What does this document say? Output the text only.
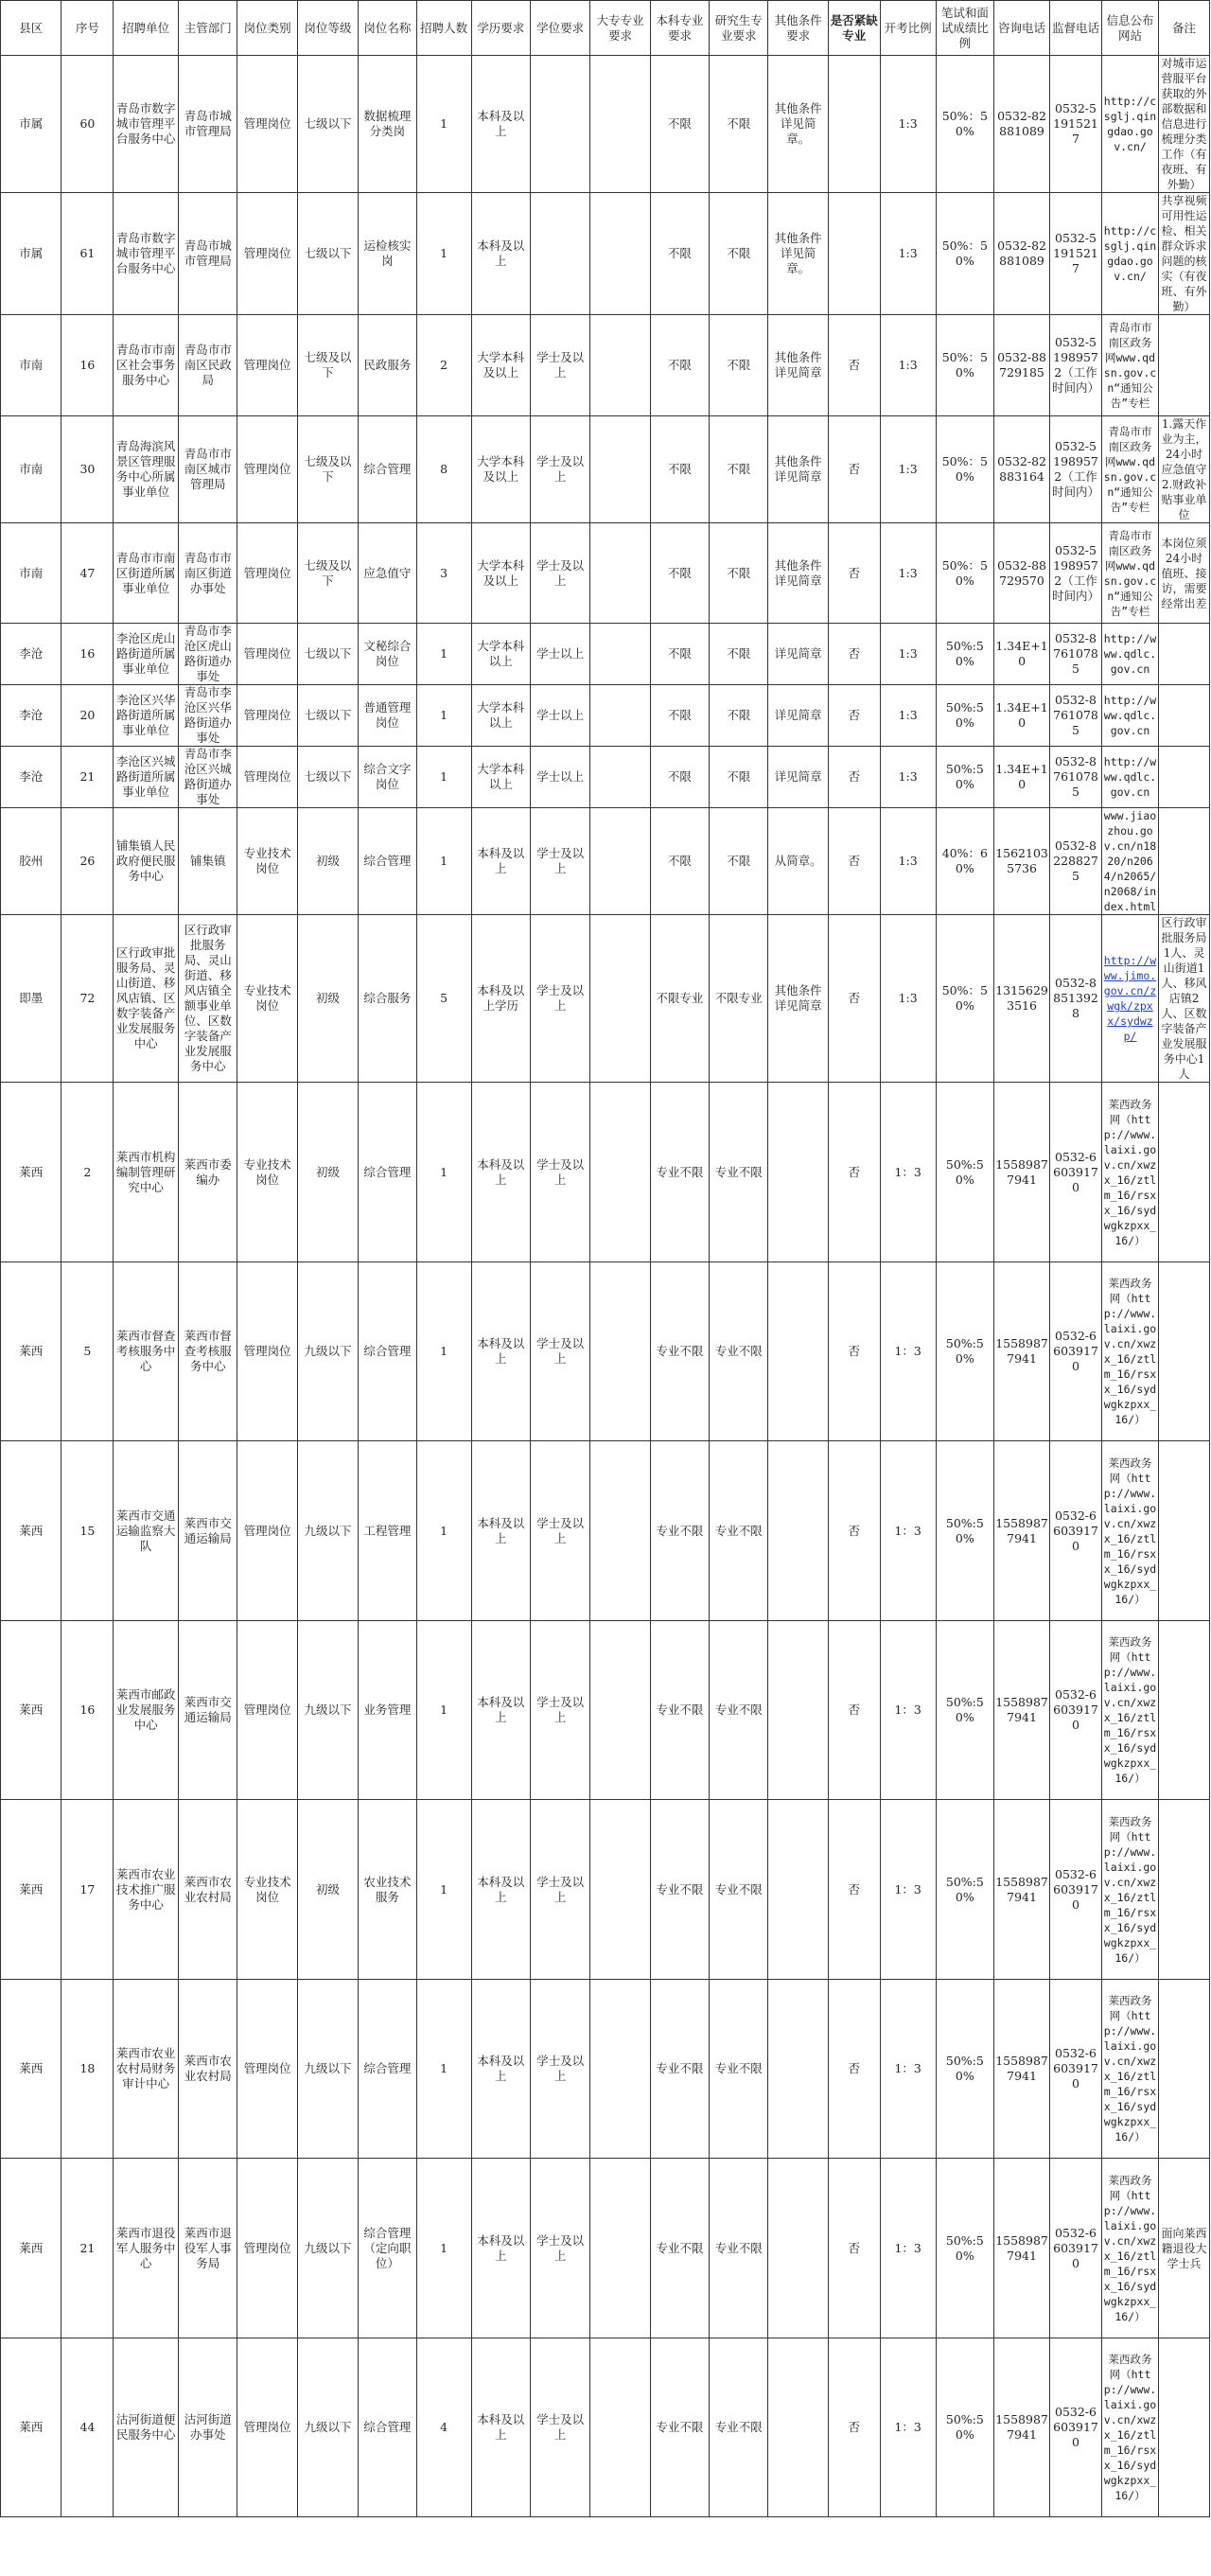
县区	序号	招聘单位	主管部门	岗位类别	岗位等级	岗位名称	招聘人数	学历要求	学位要求	大专专业要求	本科专业要求	研究生专业要求	其他条件要求	是否紧缺专业	开考比例	笔试和面试成绩比例	咨询电话	监督电话	信息公布网站	备注
市属	60	青岛市数字城市管理平台服务中心	青岛市城市管理局	管理岗位	七级以下	数据梳理分类岗	1	本科及以上			不限	不限	其他条件详见简章。		1:3	50%：50%	0532-82881089	0532-51915217	http://csglj.qingdao.gov.cn/	对城市运营服平台获取的外部数据和信息进行梳理分类工作（有夜班、有外勤）
市属	61	青岛市数字城市管理平台服务中心	青岛市城市管理局	管理岗位	七级以下	运检核实岗	1	本科及以上			不限	不限	其他条件详见简章。		1:3	50%：50%	0532-82881089	0532-51915217	http://csglj.qingdao.gov.cn/	共享视频可用性运检、相关群众诉求问题的核实（有夜班、有外勤）
市南	16	青岛市市南区社会事务服务中心	青岛市市南区民政局	管理岗位	七级及以下	民政服务	2	大学本科及以上	学士及以上		不限	不限	其他条件详见简章	否	1:3	50%：50%	0532-88729185	0532-51989572（工作时间内）	青岛市市南区政务网www.qdsn.gov.cn“通知公告”专栏	
市南	30	青岛海滨风景区管理服务中心所属事业单位	青岛市市南区城市管理局	管理岗位	七级及以下	综合管理	8	大学本科及以上	学士及以上		不限	不限	其他条件详见简章	否	1:3	50%：50%	0532-82883164	0532-51989572（工作时间内）	青岛市市南区政务网www.qdsn.gov.cn“通知公告”专栏	1.露天作业为主，24小时应急值守2.财政补贴事业单位
市南	47	青岛市市南区街道所属事业单位	青岛市市南区街道办事处	管理岗位	七级及以下	应急值守	3	大学本科及以上	学士及以上		不限	不限	其他条件详见简章	否	1:3	50%：50%	0532-88729570	0532-51989572（工作时间内）	青岛市市南区政务网www.qdsn.gov.cn“通知公告”专栏	本岗位须24小时值班、接访，需要经常出差
李沧	16	李沧区虎山路街道所属事业单位	青岛市李沧区虎山路街道办事处	管理岗位	七级以下	文秘综合岗位	1	大学本科以上	学士以上		不限	不限	详见简章	否	1:3	50%:50%	1.34E+10	0532-87610785	http://www.qdlc.gov.cn	
李沧	20	李沧区兴华路街道所属事业单位	青岛市李沧区兴华路街道办事处	管理岗位	七级以下	普通管理岗位	1	大学本科以上	学士以上		不限	不限	详见简章	否	1:3	50%:50%	1.34E+10	0532-87610785	http://www.qdlc.gov.cn	
李沧	21	李沧区兴城路街道所属事业单位	青岛市李沧区兴城路街道办事处	管理岗位	七级以下	综合文字岗位	1	大学本科以上	学士以上		不限	不限	详见简章	否	1:3	50%:50%	1.34E+10	0532-87610785	http://www.qdlc.gov.cn	
胶州	26	铺集镇人民政府便民服务中心	铺集镇	专业技术岗位	初级	综合管理	1	本科及以上	学士及以上		不限	不限	从简章。	否	1:3	40%：60%	15621035736	0532-82288275	www.jiaozhou.gov.cn/n1820/n2064/n2065/n2068/index.html	
即墨	72	区行政审批服务局、灵山街道、移风店镇、区数字装备产业发展服务中心	区行政审批服务局、灵山街道、移风店镇全额事业单位、区数字装备产业发展服务中心	专业技术岗位	初级	综合服务	5	本科及以上学历	学士及以上		不限专业	不限专业	其他条件详见简章	否	1:3	50%：50%	13156293516	0532-88513928	http://www.jimo.gov.cn/zwgk/zpxx/sydwzp/	区行政审批服务局1人、灵山街道1人、移风店镇2人、区数字装备产业发展服务中心1人
莱西	2	莱西市机构编制管理研究中心	莱西市委编办	专业技术岗位	初级	综合管理	1	本科及以上	学士及以上		专业不限	专业不限		否	1：3	50%:50%	15589877941	0532-66039170	莱西政务网（http://www.laixi.gov.cn/xwzx_16/ztlm_16/rsxx_16/sydwgkzpxx_16/）	
莱西	5	莱西市督查考核服务中心	莱西市督查考核服务中心	管理岗位	九级以下	综合管理	1	本科及以上	学士及以上		专业不限	专业不限		否	1：3	50%:50%	15589877941	0532-66039170	莱西政务网（http://www.laixi.gov.cn/xwzx_16/ztlm_16/rsxx_16/sydwgkzpxx_16/）	
莱西	15	莱西市交通运输监察大队	莱西市交通运输局	管理岗位	九级以下	工程管理	1	本科及以上	学士及以上		专业不限	专业不限		否	1：3	50%:50%	15589877941	0532-66039170	莱西政务网（http://www.laixi.gov.cn/xwzx_16/ztlm_16/rsxx_16/sydwgkzpxx_16/）	
莱西	16	莱西市邮政业发展服务中心	莱西市交通运输局	管理岗位	九级以下	业务管理	1	本科及以上	学士及以上		专业不限	专业不限		否	1：3	50%:50%	15589877941	0532-66039170	莱西政务网（http://www.laixi.gov.cn/xwzx_16/ztlm_16/rsxx_16/sydwgkzpxx_16/）	
莱西	17	莱西市农业技术推广服务中心	莱西市农业农村局	专业技术岗位	初级	农业技术服务	1	本科及以上	学士及以上		专业不限	专业不限		否	1：3	50%:50%	15589877941	0532-66039170	莱西政务网（http://www.laixi.gov.cn/xwzx_16/ztlm_16/rsxx_16/sydwgkzpxx_16/）	
莱西	18	莱西市农业农村局财务审计中心	莱西市农业农村局	管理岗位	九级以下	综合管理	1	本科及以上	学士及以上		专业不限	专业不限		否	1：3	50%:50%	15589877941	0532-66039170	莱西政务网（http://www.laixi.gov.cn/xwzx_16/ztlm_16/rsxx_16/sydwgkzpxx_16/）	
莱西	21	莱西市退役军人服务中心	莱西市退役军人事务局	管理岗位	九级以下	综合管理（定向职位）	1	本科及以上	学士及以上		专业不限	专业不限		否	1：3	50%:50%	15589877941	0532-66039170	莱西政务网（http://www.laixi.gov.cn/xwzx_16/ztlm_16/rsxx_16/sydwgkzpxx_16/）	面向莱西籍退役大学士兵
莱西	44	沽河街道便民服务中心	沽河街道办事处	管理岗位	九级以下	综合管理	4	本科及以上	学士及以上		专业不限	专业不限		否	1：3	50%:50%	15589877941	0532-66039170	莱西政务网（http://www.laixi.gov.cn/xwzx_16/ztlm_16/rsxx_16/sydwgkzpxx_16/）	
